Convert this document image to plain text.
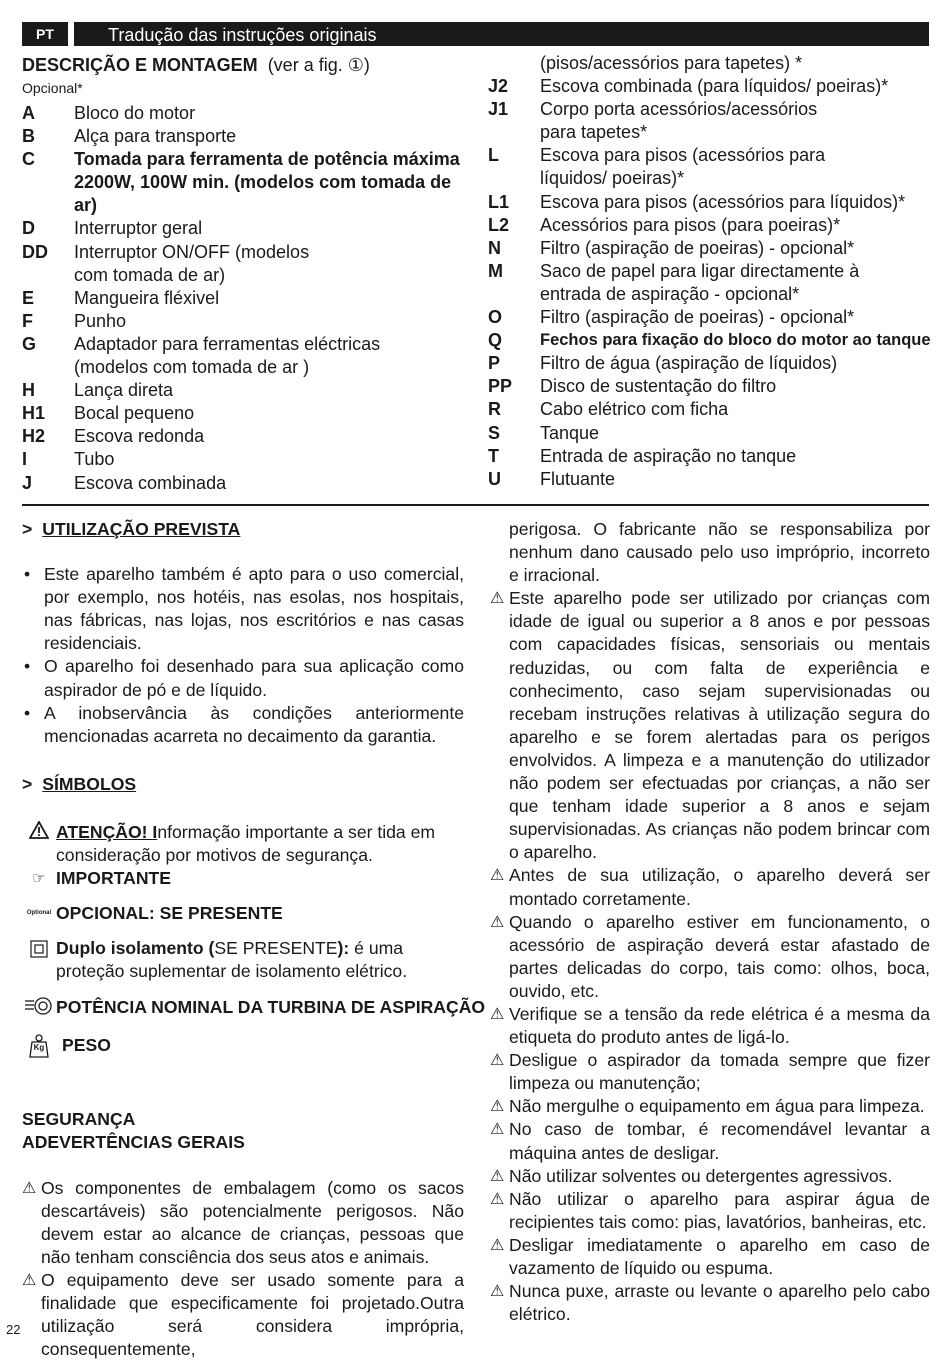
PT	Tradução das instruções originais
DESCRIÇÃO E MONTAGEM (ver a fig. ①)
Opcional*
A	Bloco do motor
B	Alça para transporte
C	Tomada para ferramenta de potência máxima 2200W, 100W min. (modelos com tomada de ar)
D	Interruptor geral
DD	Interruptor ON/OFF (modelos com tomada de ar)
E	Mangueira fléxivel
F	Punho
G	Adaptador para ferramentas eléctricas (modelos com tomada de ar )
H	Lança direta
H1	Bocal pequeno
H2	Escova redonda
I	Tubo
J	Escova combinada
(pisos/acessórios para tapetes) *
J2	Escova combinada (para líquidos/ poeiras)*
J1	Corpo porta acessórios/acessórios para tapetes*
L	Escova para pisos (acessórios para líquidos/ poeiras)*
L1	Escova para pisos (acessórios para líquidos)*
L2	Acessórios para pisos (para poeiras)*
N	Filtro (aspiração de poeiras) - opcional*
M	Saco de papel para ligar directamente à entrada de aspiração - opcional*
O	Filtro (aspiração de poeiras) - opcional*
Q	Fechos para fixação do bloco do motor ao tanque
P	Filtro de água (aspiração de líquidos)
PP	Disco de sustentação do filtro
R	Cabo elétrico com ficha
S	Tanque
T	Entrada de aspiração no tanque
U	Flutuante
> UTILIZAÇÃO PREVISTA
• Este aparelho também é apto para o uso comercial, por exemplo, nos hotéis, nas esolas, nos hospitais, nas fábricas, nas lojas, nos escritórios e nas casas residenciais.
• O aparelho foi desenhado para sua aplicação como aspirador de pó e de líquido.
• A inobservância às condições anteriormente mencionadas acarreta no decaimento da garantia.
> SÍMBOLOS
ATENÇÃO! Informação importante a ser tida em consideração por motivos de segurança.
☞ IMPORTANTE
Optional OPCIONAL: SE PRESENTE
Duplo isolamento (SE PRESENTE): é uma proteção suplementar de isolamento elétrico.
POTÊNCIA NOMINAL DA TURBINA DE ASPIRAÇÃO
Kg	PESO
SEGURANÇA
ADEVERTÊNCIAS GERAIS
⚠ Os componentes de embalagem (como os sacos descartáveis) são potencialmente perigosos. Não devem estar ao alcance de crianças, pessoas que não tenham consciência dos seus atos e animais.
⚠ O equipamento deve ser usado somente para a finalidade que especificamente foi projetado.Outra utilização será considera imprópria, consequentemente,
perigosa. O fabricante não se responsabiliza por nenhum dano causado pelo uso impróprio, incorreto e irracional.
⚠ Este aparelho pode ser utilizado por crianças com idade de igual ou superior a 8 anos e por pessoas com capacidades físicas, sensoriais ou mentais reduzidas, ou com falta de experiência e conhecimento, caso sejam supervisionadas ou recebam instruções relativas à utilização segura do aparelho e se forem alertadas para os perigos envolvidos. A limpeza e a manutenção do utilizador não podem ser efectuadas por crianças, a não ser que tenham idade superior a 8 anos e sejam supervisionadas. As crianças não podem brincar com o aparelho.
⚠ Antes de sua utilização, o aparelho deverá ser montado corretamente.
⚠ Quando o aparelho estiver em funcionamento, o acessório de aspiração deverá estar afastado de partes delicadas do corpo, tais como: olhos, boca, ouvido, etc.
⚠ Verifique se a tensão da rede elétrica é a mesma da etiqueta do produto antes de ligá-lo.
⚠ Desligue o aspirador da tomada sempre que fizer limpeza ou manutenção;
⚠ Não mergulhe o equipamento em água para limpeza.
⚠ No caso de tombar, é recomendável levantar a máquina antes de desligar.
⚠ Não utilizar solventes ou detergentes agressivos.
⚠ Não utilizar o aparelho para aspirar água de recipientes tais como: pias, lavatórios, banheiras, etc.
⚠ Desligar imediatamente o aparelho em caso de vazamento de líquido ou espuma.
⚠ Nunca puxe, arraste ou levante o aparelho pelo cabo elétrico.
22
